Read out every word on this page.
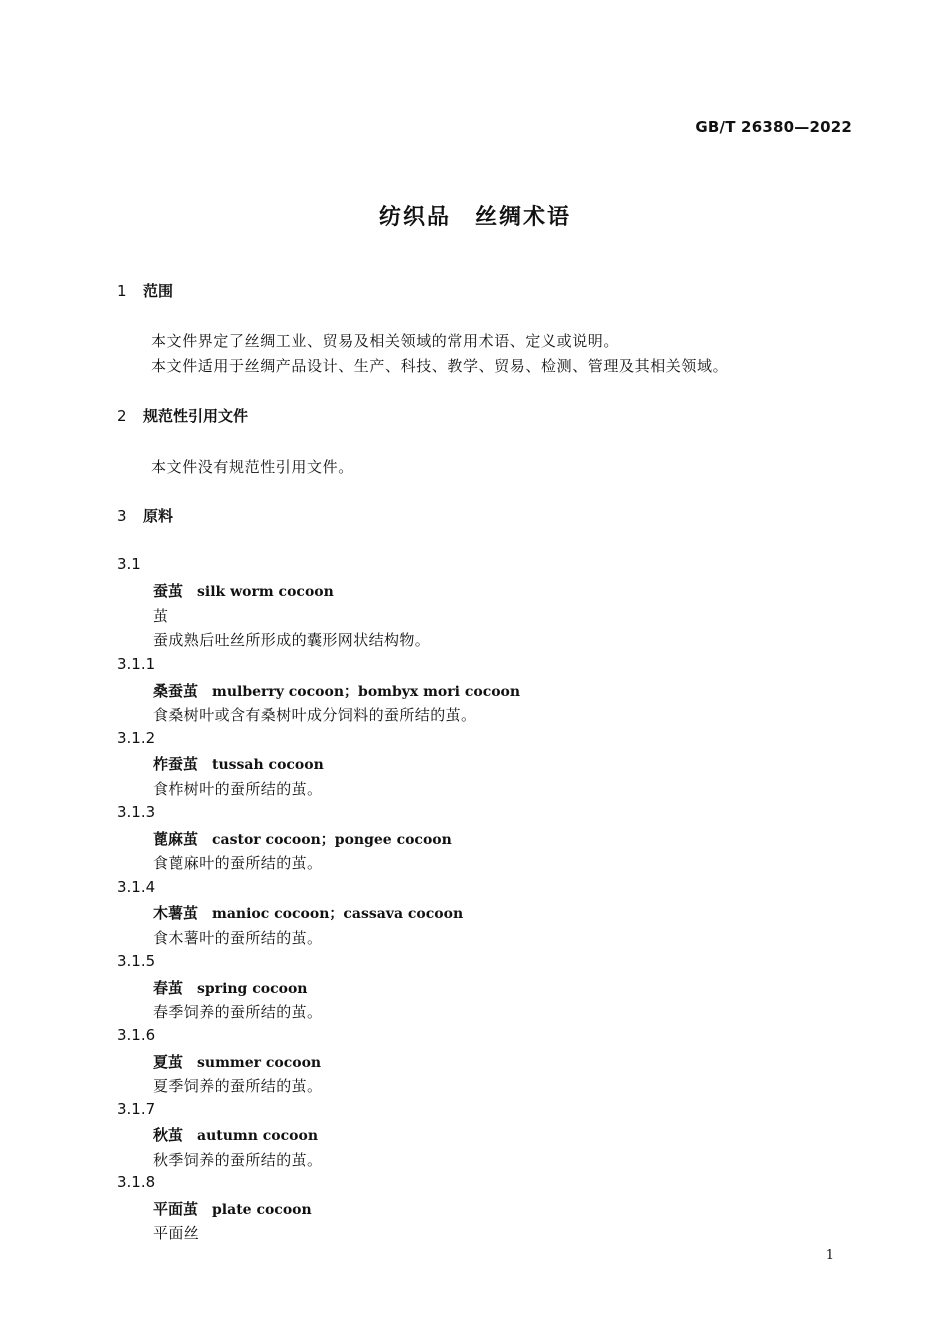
GB/T 26380—2022
纺织品　丝绸术语
1 范围
本文件界定了丝绸工业、贸易及相关领域的常用术语、定义或说明。
本文件适用于丝绸产品设计、生产、科技、教学、贸易、检测、管理及其相关领域。
2 规范性引用文件
本文件没有规范性引用文件。
3 原料
3.1
蚕茧 silk worm cocoon
茧
蚕成熟后吐丝所形成的囊形网状结构物。
3.1.1
桑蚕茧 mulberry cocoon；bombyx mori cocoon
食桑树叶或含有桑树叶成分饲料的蚕所结的茧。
3.1.2
柞蚕茧 tussah cocoon
食柞树叶的蚕所结的茧。
3.1.3
蓖麻茧 castor cocoon；pongee cocoon
食蓖麻叶的蚕所结的茧。
3.1.4
木薯茧 manioc cocoon；cassava cocoon
食木薯叶的蚕所结的茧。
3.1.5
春茧 spring cocoon
春季饲养的蚕所结的茧。
3.1.6
夏茧 summer cocoon
夏季饲养的蚕所结的茧。
3.1.7
秋茧 autumn cocoon
秋季饲养的蚕所结的茧。
3.1.8
平面茧 plate cocoon
平面丝
1
